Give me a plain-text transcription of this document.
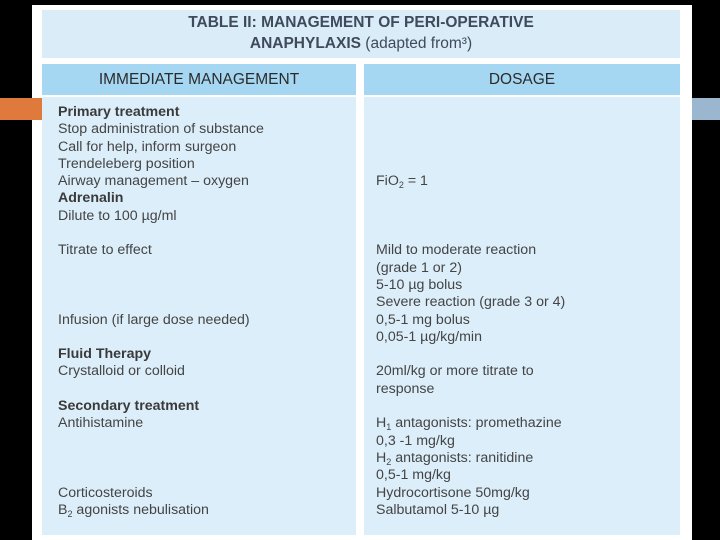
TABLE II: MANAGEMENT OF PERI-OPERATIVE
ANAPHYLAXIS (adapted from³)
IMMEDIATE MANAGEMENT	DOSAGE
Primary treatment
Stop administration of substance
Call for help, inform surgeon
Trendeleberg position
Airway management – oxygen
Adrenalin
Dilute to 100 µg/ml
Titrate to effect
Infusion (if large dose needed)
Fluid Therapy
Crystalloid or colloid
Secondary treatment
Antihistamine
Corticosteroids
$B_2$ agonists nebulisation
FiO$_2$ = 1
Mild to moderate reaction
(grade 1 or 2)
5-10 µg bolus
Severe reaction (grade 3 or 4)
0,5-1 mg bolus
0,05-1 µg/kg/min
20ml/kg or more titrate to
response
$H_1$ antagonists: promethazine
0,3 -1 mg/kg
$H_2$ antagonists: ranitidine
0,5-1 mg/kg
Hydrocortisone 50mg/kg
Salbutamol 5-10 µg
